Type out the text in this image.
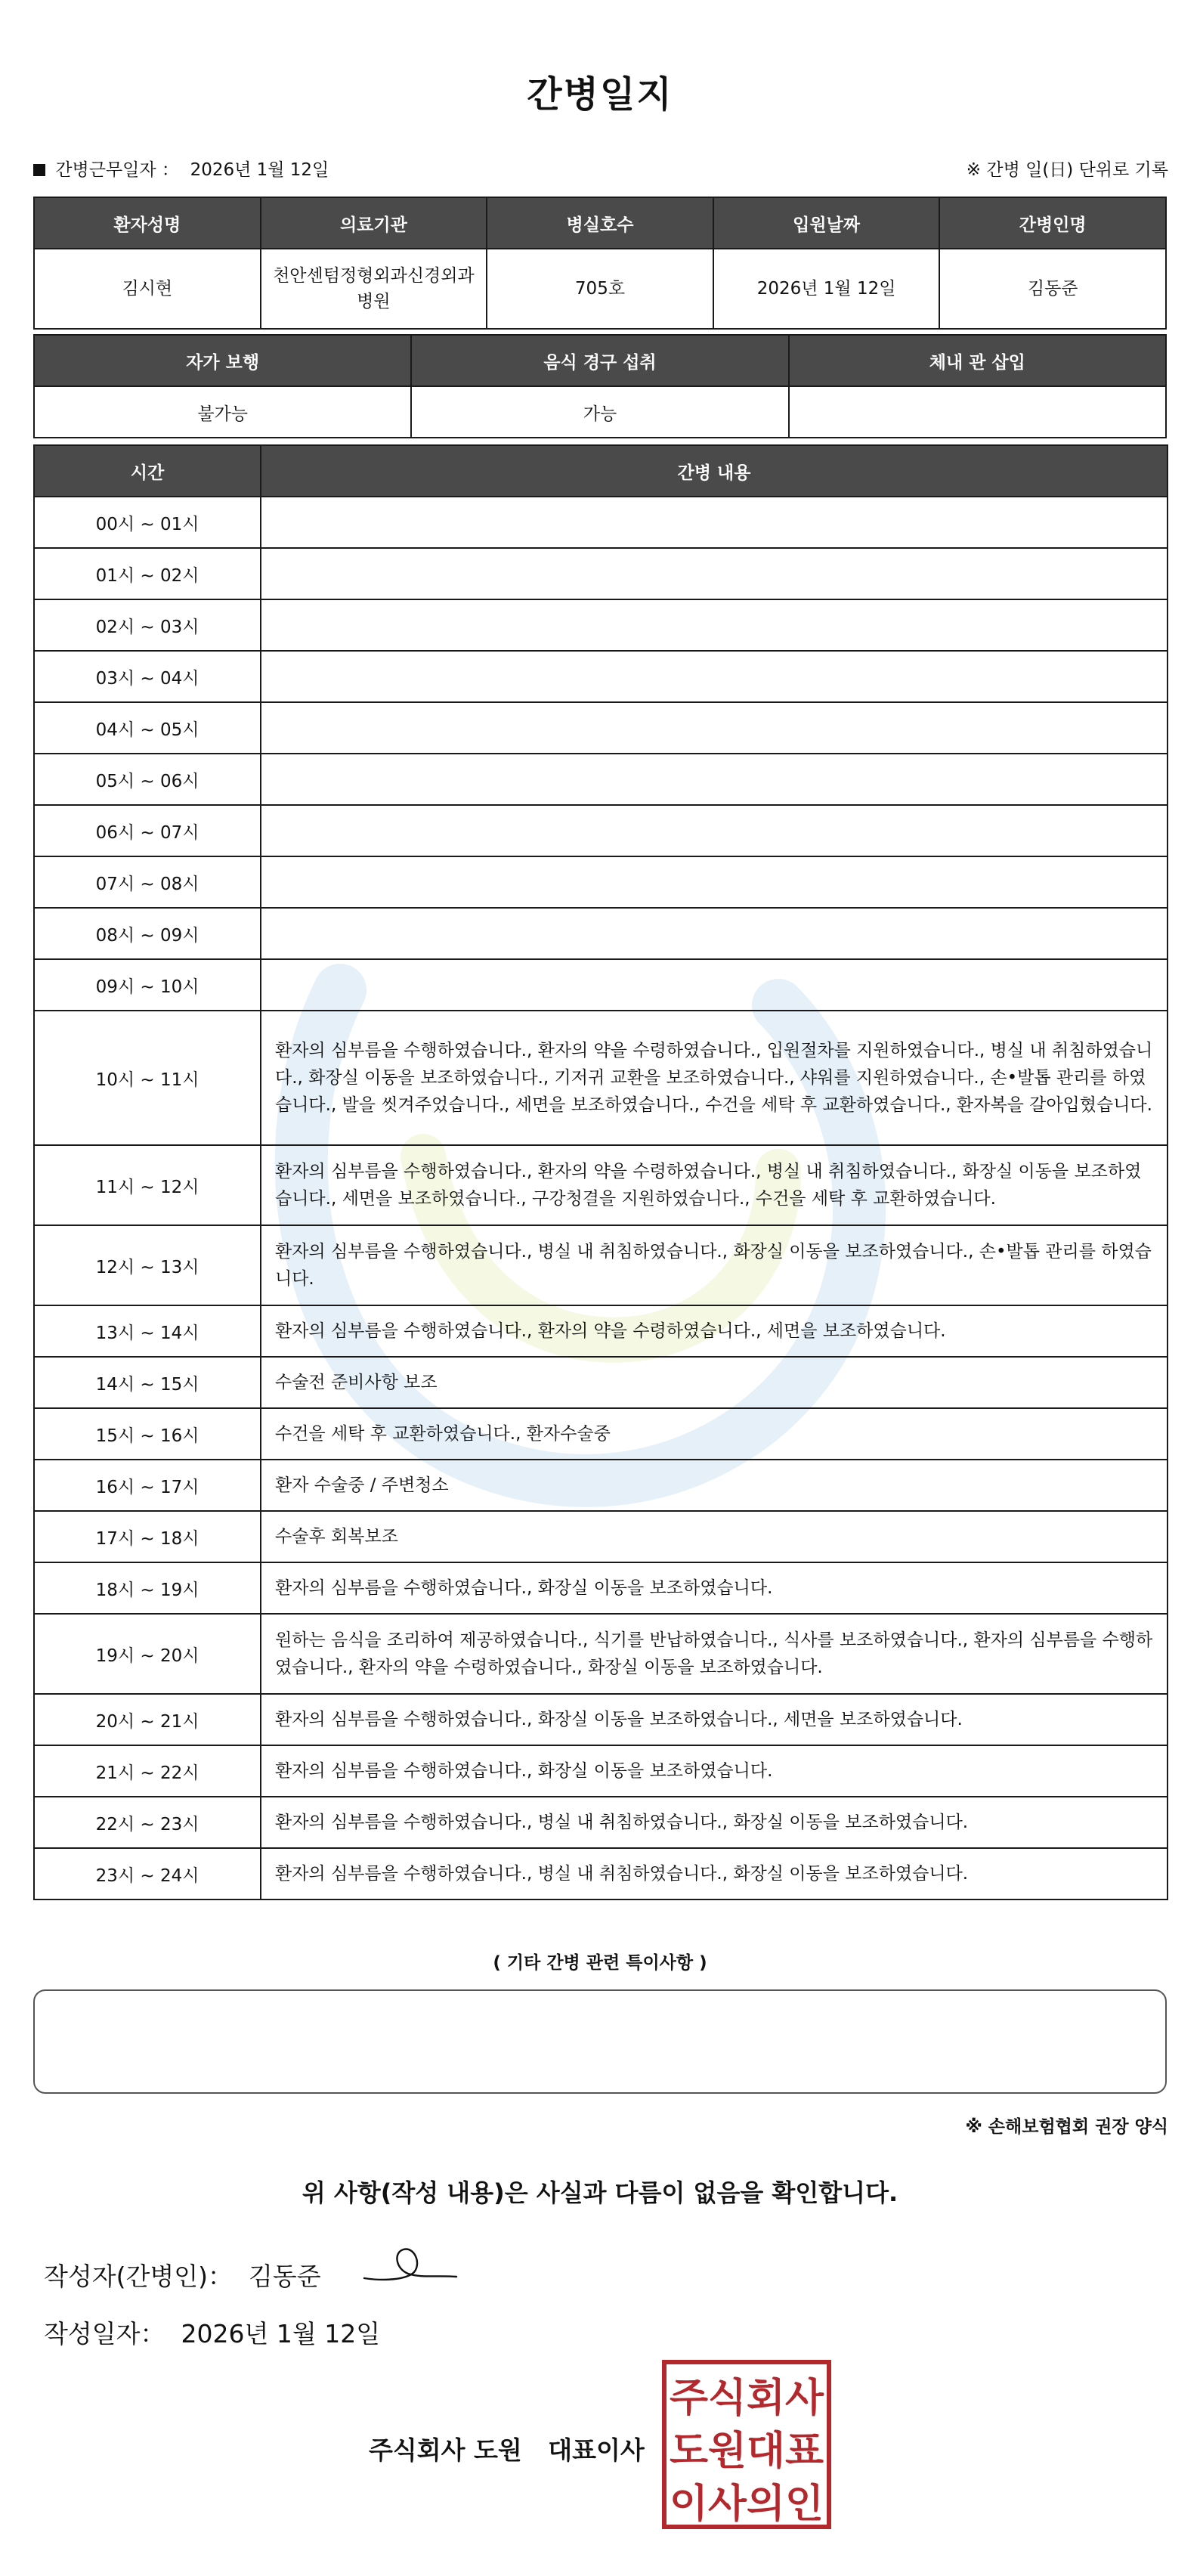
간병일지
간병근무일자 ： 2026년 1월 12일	※ 간병 일(日) 단위로 기록
환자성명	의료기관	병실호수	입원날짜	간병인명
김시현	천안센텀정형외과신경외과병원	705호	2026년 1월 12일	김동준
자가 보행	음식 경구 섭취	체내 관 삽입
불가능	가능	
시간	간병 내용
00시 ~ 01시	
01시 ~ 02시	
02시 ~ 03시	
03시 ~ 04시	
04시 ~ 05시	
05시 ~ 06시	
06시 ~ 07시	
07시 ~ 08시	
08시 ~ 09시	
09시 ~ 10시	
10시 ~ 11시	환자의 심부름을 수행하였습니다., 환자의 약을 수령하였습니다., 입원절차를 지원하였습니다., 병실 내 취침하였습니다., 화장실 이동을 보조하였습니다., 기저귀 교환을 보조하였습니다., 샤워를 지원하였습니다., 손•발톱 관리를 하였습니다., 발을 씻겨주었습니다., 세면을 보조하였습니다., 수건을 세탁 후 교환하였습니다., 환자복을 갈아입혔습니다.
11시 ~ 12시	환자의 심부름을 수행하였습니다., 환자의 약을 수령하였습니다., 병실 내 취침하였습니다., 화장실 이동을 보조하였습니다., 세면을 보조하였습니다., 구강청결을 지원하였습니다., 수건을 세탁 후 교환하였습니다.
12시 ~ 13시	환자의 심부름을 수행하였습니다., 병실 내 취침하였습니다., 화장실 이동을 보조하였습니다., 손•발톱 관리를 하였습니다.
13시 ~ 14시	환자의 심부름을 수행하였습니다., 환자의 약을 수령하였습니다., 세면을 보조하였습니다.
14시 ~ 15시	수술전 준비사항 보조
15시 ~ 16시	수건을 세탁 후 교환하였습니다., 환자수술중
16시 ~ 17시	환자 수술중 / 주변청소
17시 ~ 18시	수술후 회복보조
18시 ~ 19시	환자의 심부름을 수행하였습니다., 화장실 이동을 보조하였습니다.
19시 ~ 20시	원하는 음식을 조리하여 제공하였습니다., 식기를 반납하였습니다., 식사를 보조하였습니다., 환자의 심부름을 수행하였습니다., 환자의 약을 수령하였습니다., 화장실 이동을 보조하였습니다.
20시 ~ 21시	환자의 심부름을 수행하였습니다., 화장실 이동을 보조하였습니다., 세면을 보조하였습니다.
21시 ~ 22시	환자의 심부름을 수행하였습니다., 화장실 이동을 보조하였습니다.
22시 ~ 23시	환자의 심부름을 수행하였습니다., 병실 내 취침하였습니다., 화장실 이동을 보조하였습니다.
23시 ~ 24시	환자의 심부름을 수행하였습니다., 병실 내 취침하였습니다., 화장실 이동을 보조하였습니다.
( 기타 간병 관련 특이사항 )
※ 손해보험협회 권장 양식
위 사항(작성 내용)은 사실과 다름이 없음을 확인합니다.
작성자(간병인)： 김동준
작성일자： 2026년 1월 12일
주식회사 도원   대표이사
주식회사
도원대표
이사의인
